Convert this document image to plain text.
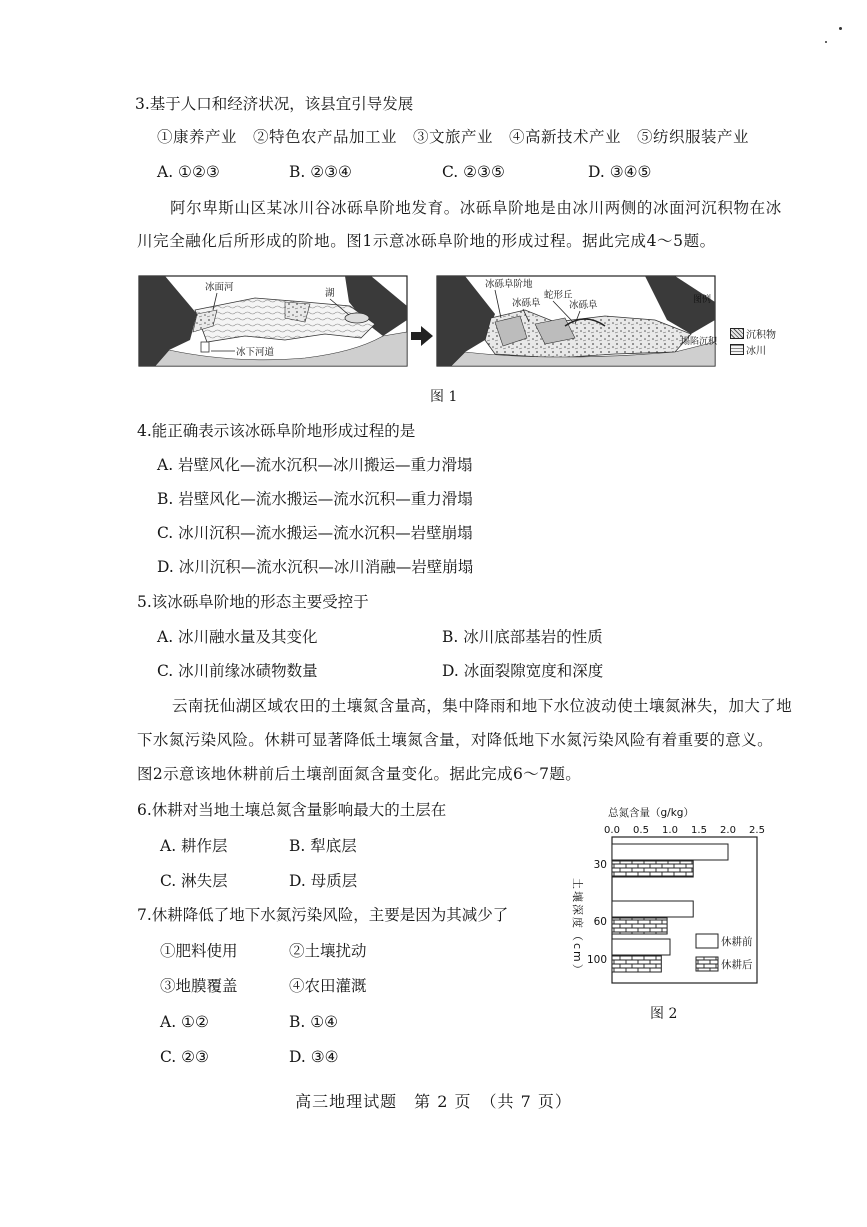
3.基于人口和经济状况，该县宜引导发展
①康养产业　②特色农产品加工业　③文旅产业　④高新技术产业　⑤纺织服装产业
A. ①②③	B. ②③④	C. ②③⑤	D. ③④⑤
阿尔卑斯山区某冰川谷冰砾阜阶地发育。冰砾阜阶地是由冰川两侧的冰面河沉积物在冰
川完全融化后所形成的阶地。图1示意冰砾阜阶地的形成过程。据此完成4～5题。
冰下河道
冰面河
湖
冰砾阜阶地
蛇形丘
冰砾阜	冰砾阜
塌陷沉积
图例
沉积物
冰川
图 1
4.能正确表示该冰砾阜阶地形成过程的是
A. 岩壁风化—流水沉积—冰川搬运—重力滑塌
B. 岩壁风化—流水搬运—流水沉积—重力滑塌
C. 冰川沉积—流水搬运—流水沉积—岩壁崩塌
D. 冰川沉积—流水沉积—冰川消融—岩壁崩塌
5.该冰砾阜阶地的形态主要受控于
A. 冰川融水量及其变化	B. 冰川底部基岩的性质
C. 冰川前缘冰碛物数量	D. 冰面裂隙宽度和深度
云南抚仙湖区域农田的土壤氮含量高，集中降雨和地下水位波动使土壤氮淋失，加大了地
下水氮污染风险。休耕可显著降低土壤氮含量，对降低地下水氮污染风险有着重要的意义。
图2示意该地休耕前后土壤剖面氮含量变化。据此完成6～7题。
6.休耕对当地土壤总氮含量影响最大的土层在
A. 耕作层	B. 犁底层
C. 淋失层	D. 母质层
7.休耕降低了地下水氮污染风险，主要是因为其减少了
①肥料使用	②土壤扰动
③地膜覆盖	④农田灌溉
A. ①②	B. ①④
C. ②③	D. ③④
总氮含量（g/kg）
0.0 0.5 1.0 1.5 2.0 2.5
30
60
100
土壤深度（cm）	休耕前
休耕后
图 2
高三地理试题　第 2 页　（共 7 页）
